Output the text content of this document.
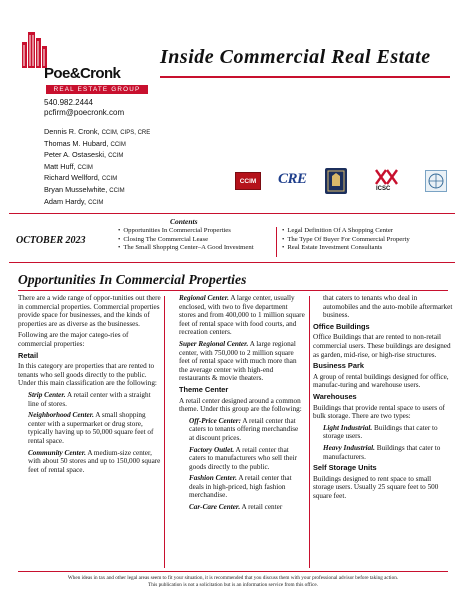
Poe&Cronk
REAL ESTATE GROUP
Inside Commercial Real Estate
540.982.2444
pcfirm@poecronk.com
Dennis R. Cronk, CCIM, CIPS, CRE
Thomas M. Hubard, CCIM
Peter A. Ostaseski, CCIM
Matt Huff, CCIM
Richard Wellford, CCIM
Bryan Musselwhite, CCIM
Adam Hardy, CCIM
CCIM	CRE
ICSC
Contents
OCTOBER 2023
• Opportunities In Commercial Properties
• Closing The Commercial Lease
• The Small Shopping Center–A Good Investment
• Legal Definition Of A Shopping Center
• The Type Of Buyer For Commercial Property
• Real Estate Investment Consultants
Opportunities In Commercial Properties

There are a wide range of oppor-tunities out there in commercial properties. Commercial properties provide space for businesses, and the kinds of properties are as diverse as the businesses.

Following are the major catego-ries of commercial properties:

Retail

In this category are properties that are rented to tenants who sell goods directly to the public. Under this main classification are the following:

Strip Center. A retail center with a straight line of stores.

Neighborhood Center. A small shopping center with a supermarket or drug store, typically having up to 50,000 square feet of rental space.

Community Center. A medium-size center, with about 50 stores and up to 150,000 square feet of rental space.

Regional Center. A large center, usually enclosed, with two to five department stores and from 400,000 to 1 million square feet of rental space with food courts, and recreation centers.

Super Regional Center. A large regional center, with 750,000 to 2 million square feet of rental space with much more than the average center with high-end restaurants & movie theaters.

Theme Center

A retail center designed around a common theme. Under this group are the following:

Off-Price Center: A retail center that caters to tenants offering merchandise at discount prices.

Factory Outlet. A retail center that caters to manufacturers who sell their goods directly to the public.

Fashion Center. A retail center that deals in high-priced, high fashion merchandise.

Car-Care Center. A retail center

that caters to tenants who deal in automobiles and the auto-mobile aftermarket business.

Office Buildings

Office Buildings that are rented to non-retail commercial users. These buildings are designed as garden, mid-rise, or high-rise structures.

Business Park

A group of rental buildings designed for office, manufac-turing and warehouse users.

Warehouses

Buildings that provide rental space to users of bulk storage. There are two types:

Light Industrial. Buildings that cater to storage users.

Heavy Industrial. Buildings that cater to manufacturers.

Self Storage Units

Buildings designed to rent space to small storage users. Usually 25 square feet to 500 square feet.

When ideas in tax and other legal areas seem to fit your situation, it is recommended that you discuss them with your professional advisor before taking action.
This publication is not a solicitation but is an information service from this office.
